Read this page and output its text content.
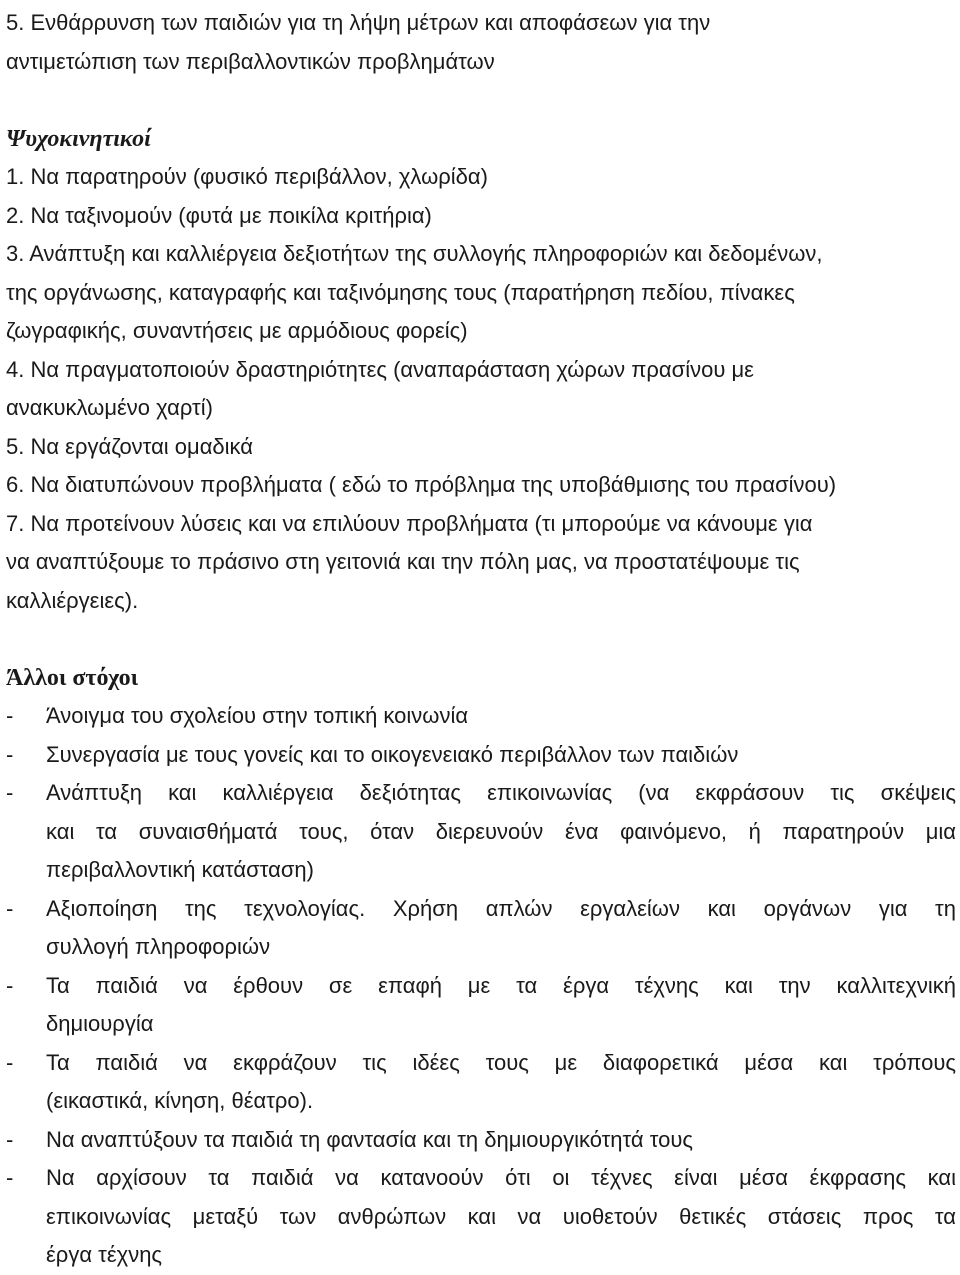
5. Ενθάρρυνση των παιδιών για τη λήψη μέτρων και αποφάσεων για την
αντιμετώπιση των περιβαλλοντικών προβλημάτων
Ψυχοκινητικοί
1. Να παρατηρούν (φυσικό περιβάλλον, χλωρίδα)
2. Να ταξινομούν (φυτά με ποικίλα κριτήρια)
3. Ανάπτυξη και καλλιέργεια δεξιοτήτων της συλλογής πληροφοριών και δεδομένων,
της οργάνωσης, καταγραφής και ταξινόμησης τους (παρατήρηση πεδίου, πίνακες
ζωγραφικής, συναντήσεις με αρμόδιους φορείς)
4. Να πραγματοποιούν δραστηριότητες (αναπαράσταση χώρων πρασίνου με
ανακυκλωμένο χαρτί)
5. Να εργάζονται ομαδικά
6. Να διατυπώνουν προβλήματα ( εδώ το πρόβλημα της υποβάθμισης του πρασίνου)
7. Να προτείνουν λύσεις και να επιλύουν προβλήματα (τι μπορούμε να κάνουμε για
να αναπτύξουμε το πράσινο στη γειτονιά και την πόλη μας, να προστατέψουμε τις
καλλιέργειες).
Άλλοι στόχοι
-	Άνοιγμα του σχολείου στην τοπική κοινωνία
-	Συνεργασία με τους γονείς και το οικογενειακό περιβάλλον των παιδιών
-	Ανάπτυξη και καλλιέργεια δεξιότητας επικοινωνίας (να εκφράσουν τις σκέψεις
και τα συναισθήματά τους, όταν διερευνούν ένα φαινόμενο, ή παρατηρούν μια
περιβαλλοντική κατάσταση)
-	Αξιοποίηση της τεχνολογίας. Χρήση απλών εργαλείων και οργάνων για τη
συλλογή πληροφοριών
-	Τα παιδιά να έρθουν σε επαφή με τα έργα τέχνης και την καλλιτεχνική
δημιουργία
-	Τα παιδιά να εκφράζουν τις ιδέες τους με διαφορετικά μέσα και τρόπους
(εικαστικά, κίνηση, θέατρο).
-	Να αναπτύξουν τα παιδιά τη φαντασία και τη δημιουργικότητά τους
-	Να αρχίσουν τα παιδιά να κατανοούν ότι οι τέχνες είναι μέσα έκφρασης και
επικοινωνίας μεταξύ των ανθρώπων και να υιοθετούν θετικές στάσεις προς τα
έργα τέχνης
